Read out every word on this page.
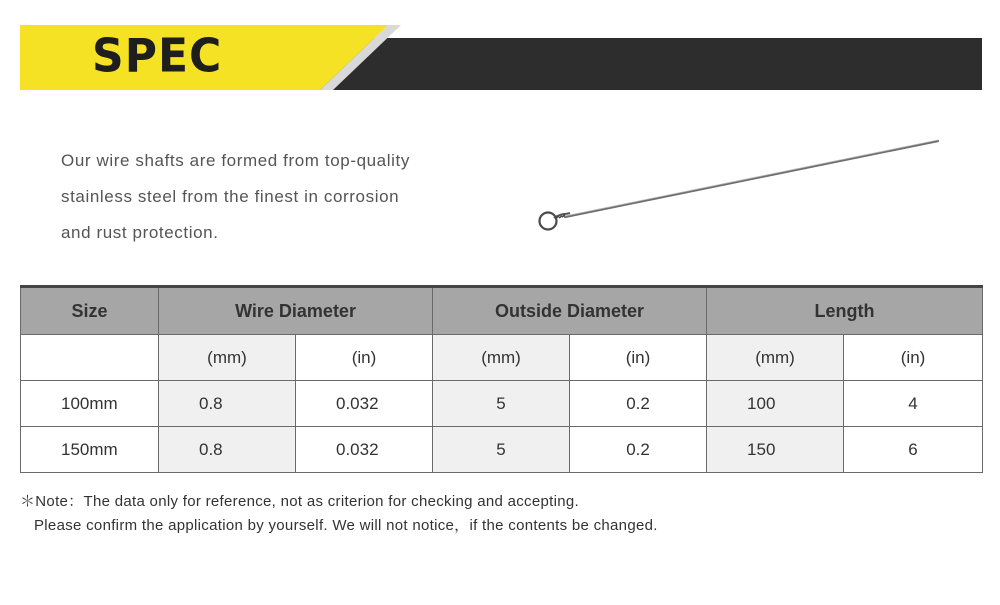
SPEC
Our wire shafts are formed from top-quality
stainless steel from the finest in corrosion
and rust protection.
Size	Wire Diameter		Outside Diameter		Length	
	(mm)	(in)	(mm)	(in)	(mm)	(in)
100mm	0.8	0.032	5	0.2	100	4
150mm	0.8	0.032	5	0.2	150	6
＊Note：The data only for reference, not as criterion for checking and accepting.
Please confirm the application by yourself. We will not notice，if the contents be changed.
